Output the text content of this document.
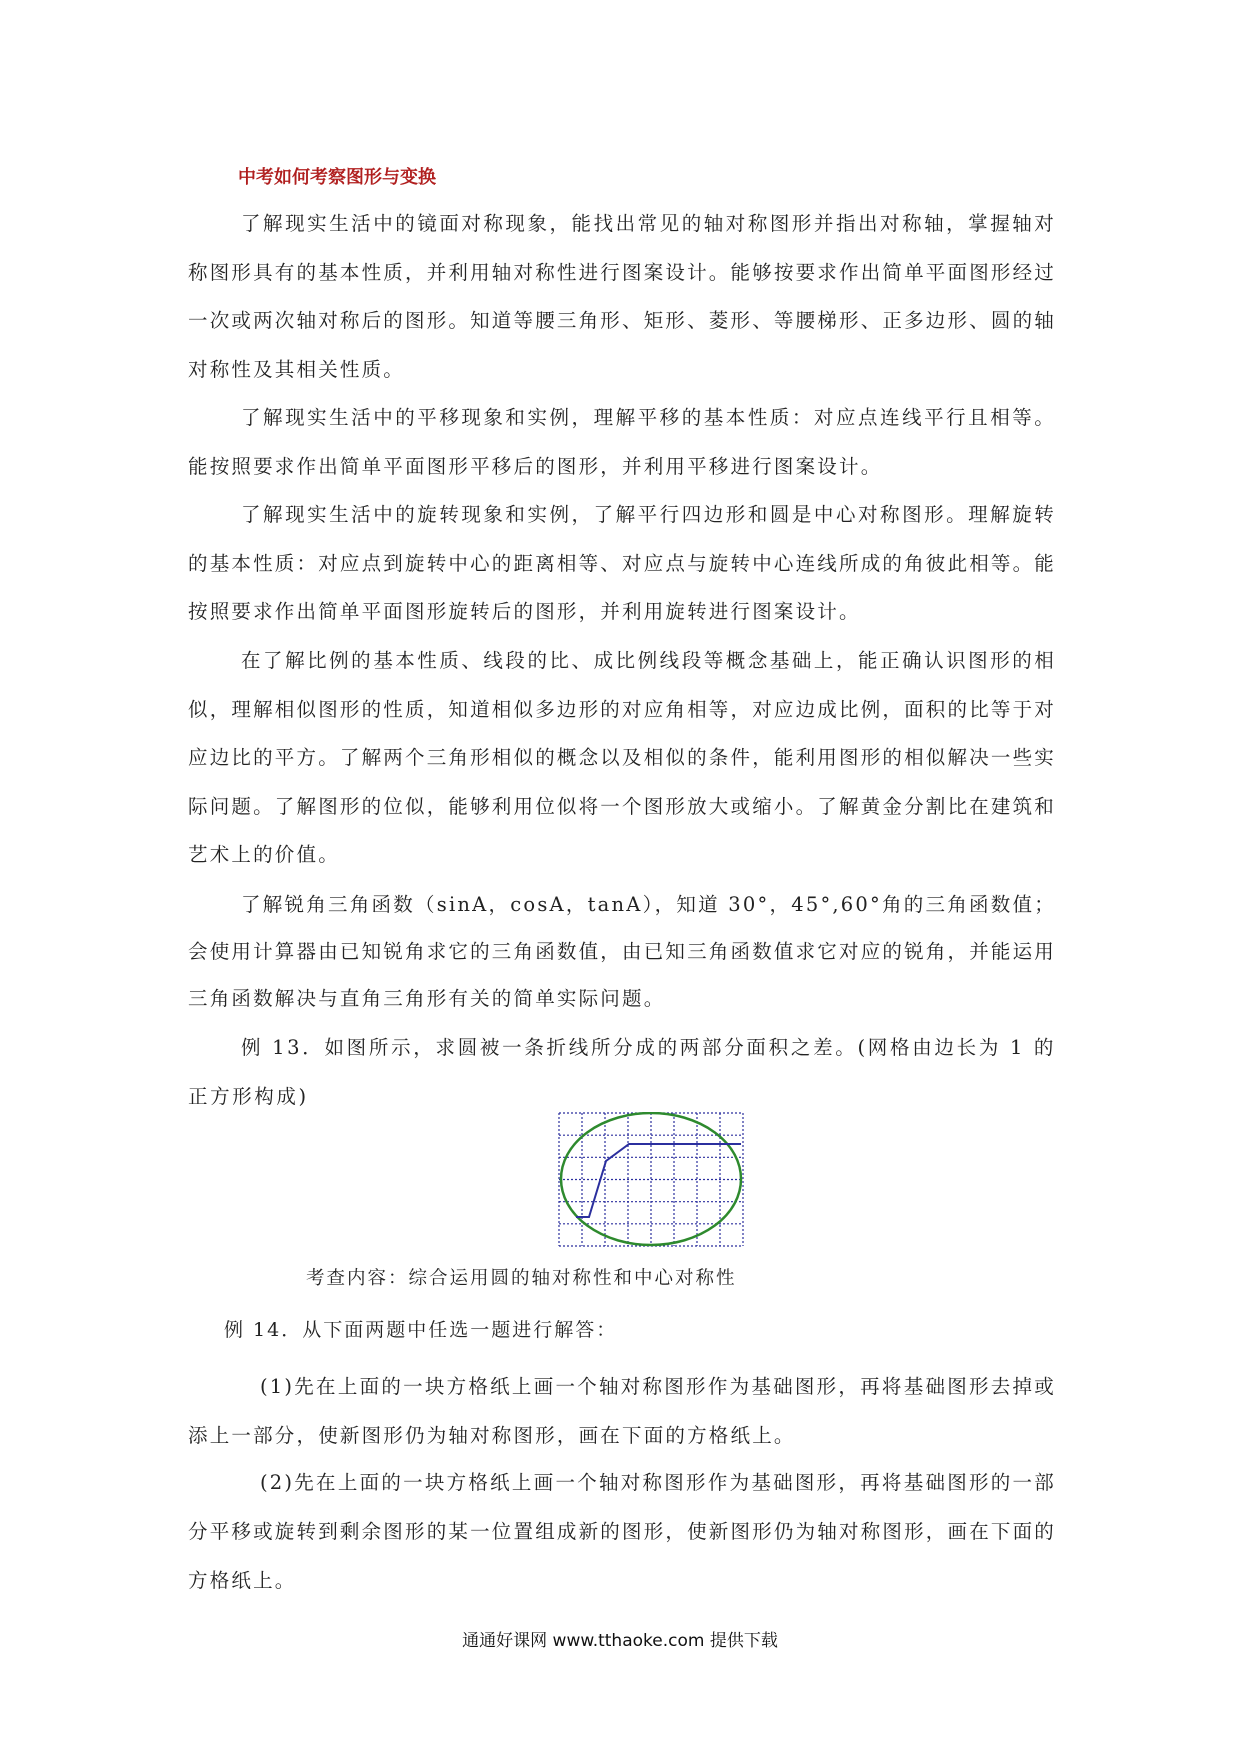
中考如何考察图形与变换

了解现实生活中的镜面对称现象，能找出常见的轴对称图形并指出对称轴，掌握轴对称图形具有的基本性质，并利用轴对称性进行图案设计。能够按要求作出简单平面图形经过一次或两次轴对称后的图形。知道等腰三角形、矩形、菱形、等腰梯形、正多边形、圆的轴对称性及其相关性质。

了解现实生活中的平移现象和实例，理解平移的基本性质：对应点连线平行且相等。能按照要求作出简单平面图形平移后的图形，并利用平移进行图案设计。

了解现实生活中的旋转现象和实例，了解平行四边形和圆是中心对称图形。理解旋转的基本性质：对应点到旋转中心的距离相等、对应点与旋转中心连线所成的角彼此相等。能按照要求作出简单平面图形旋转后的图形，并利用旋转进行图案设计。

在了解比例的基本性质、线段的比、成比例线段等概念基础上，能正确认识图形的相似，理解相似图形的性质，知道相似多边形的对应角相等，对应边成比例，面积的比等于对应边比的平方。了解两个三角形相似的概念以及相似的条件，能利用图形的相似解决一些实际问题。了解图形的位似，能够利用位似将一个图形放大或缩小。了解黄金分割比在建筑和艺术上的价值。

了解锐角三角函数（sinA，cosA，tanA），知道 30°，45°,60°角的三角函数值；会使用计算器由已知锐角求它的三角函数值，由已知三角函数值求它对应的锐角，并能运用三角函数解决与直角三角形有关的简单实际问题。

例 13．如图所示，求圆被一条折线所分成的两部分面积之差。(网格由边长为 1 的正方形构成)

考查内容：综合运用圆的轴对称性和中心对称性
例 14．从下面两题中任选一题进行解答：

(1)先在上面的一块方格纸上画一个轴对称图形作为基础图形，再将基础图形去掉或添上一部分，使新图形仍为轴对称图形，画在下面的方格纸上。

(2)先在上面的一块方格纸上画一个轴对称图形作为基础图形，再将基础图形的一部分平移或旋转到剩余图形的某一位置组成新的图形，使新图形仍为轴对称图形，画在下面的方格纸上。

通通好课网 www.tthaoke.com 提供下载
